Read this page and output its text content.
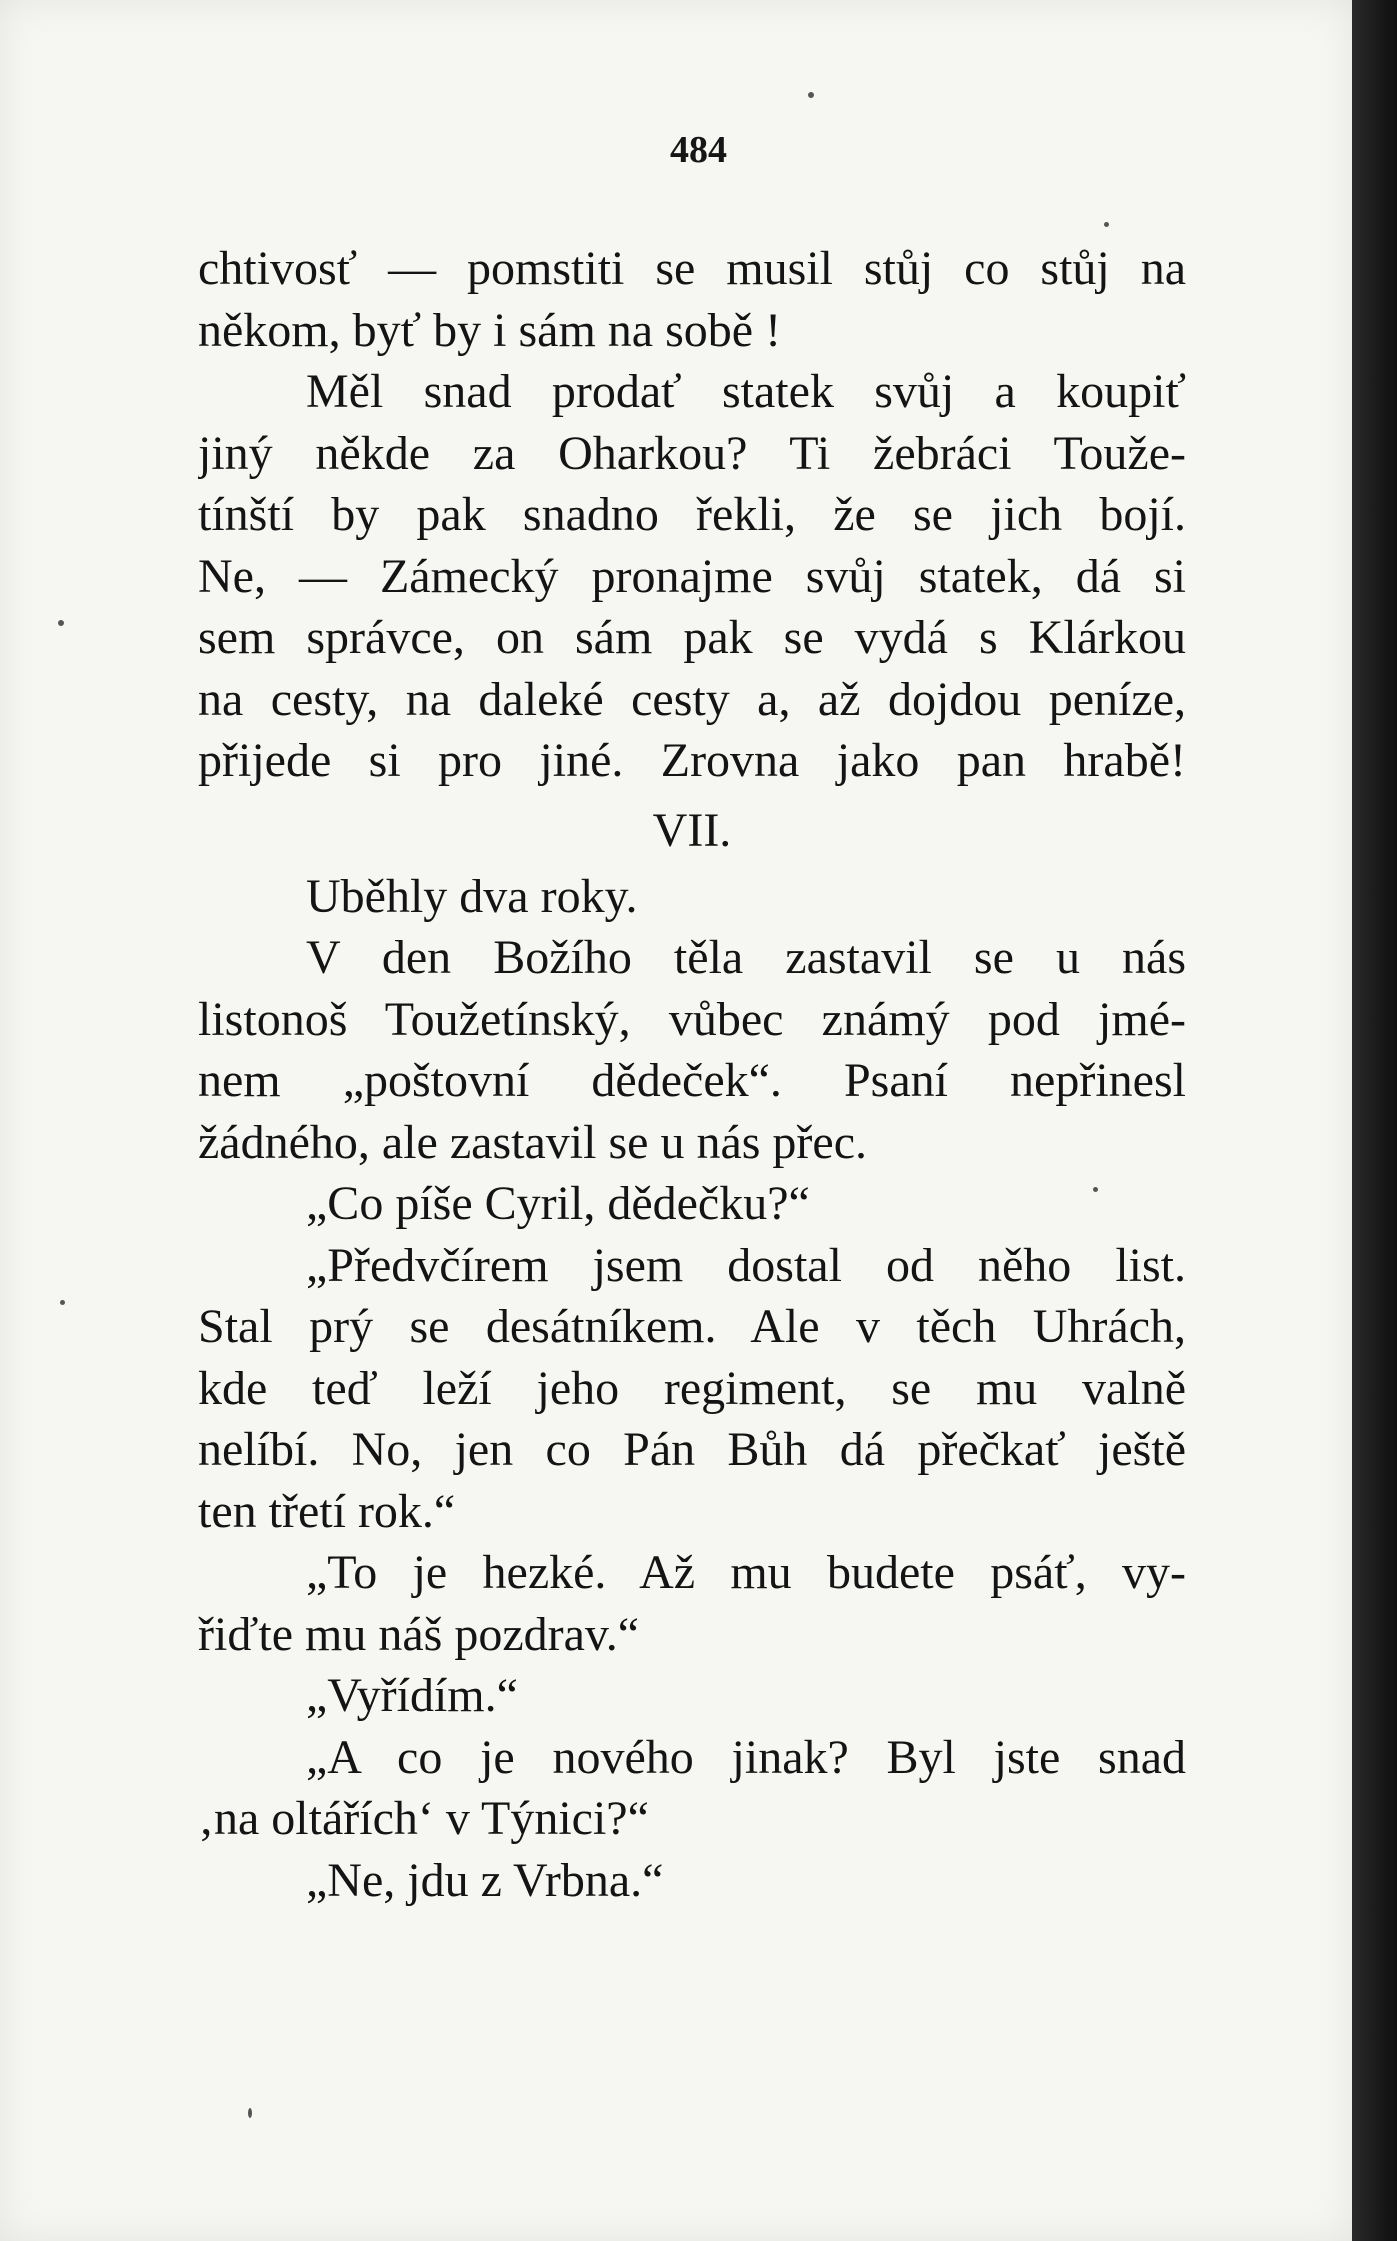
484
chtivosť — pomstiti se musil stůj co stůj na
někom, byť by i sám na sobě !
Měl snad prodať statek svůj a koupiť
jiný někde za Oharkou? Ti žebráci Touže-
tínští by pak snadno řekli, že se jich bojí.
Ne, — Zámecký pronajme svůj statek, dá si
sem správce, on sám pak se vydá s Klárkou
na cesty, na daleké cesty a, až dojdou peníze,
přijede si pro jiné. Zrovna jako pan hrabě!
VII.
Uběhly dva roky.
V den Božího těla zastavil se u nás
listonoš Toužetínský, vůbec známý pod jmé-
nem „poštovní dědeček“. Psaní nepřinesl
žádného, ale zastavil se u nás přec.
„Co píše Cyril, dědečku?“
„Předvčírem jsem dostal od něho list.
Stal prý se desátníkem. Ale v těch Uhrách,
kde teď leží jeho regiment, se mu valně
nelíbí. No, jen co Pán Bůh dá přečkať ještě
ten třetí rok.“
„To je hezké. Až mu budete psáť, vy-
řiďte mu náš pozdrav.“
„Vyřídím.“
„A co je nového jinak? Byl jste snad
‚na oltářích‘ v Týnici?“
„Ne, jdu z Vrbna.“
